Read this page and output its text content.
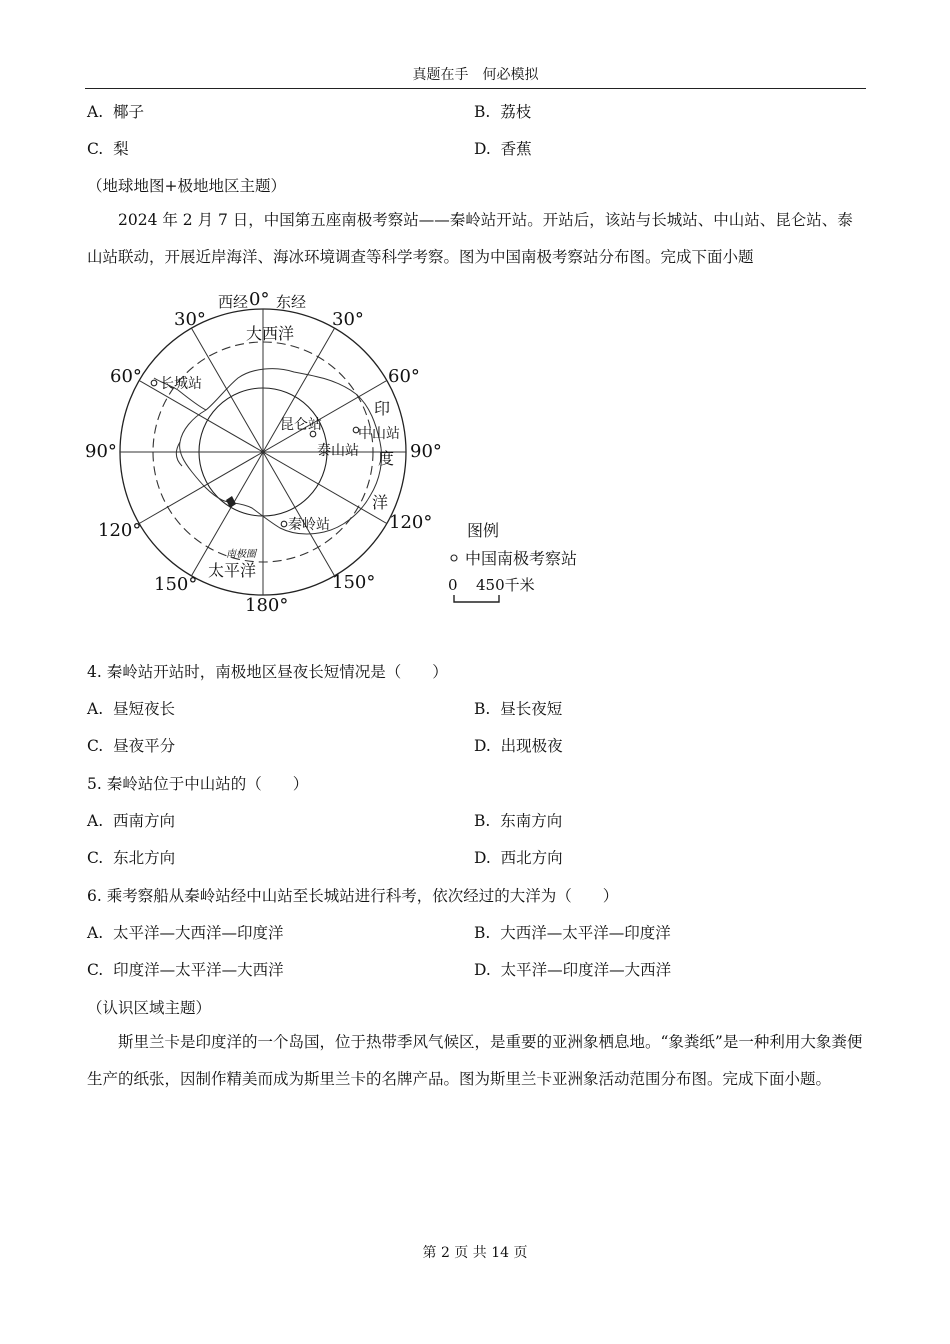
真题在手　何必模拟
A. 椰子	B. 荔枝
C. 梨	D. 香蕉
（地球地图+极地地区主题）

2024 年 2 月 7 日，中国第五座南极考察站——秦岭站开站。开站后，该站与长城站、中山站、昆仑站、泰山站联动，开展近岸海洋、海冰环境调查等科学考察。图为中国南极考察站分布图。完成下面小题

西经 0° 东经
30°	30°
60°	60°
90°	90°
120°	120°
150°	150°
180°
大西洋
太平洋
印
度
洋
南极圈
长城站
昆仑站
中山站
泰山站
秦岭站	图例
中国南极考察站
0 450千米
4. 秦岭站开站时，南极地区昼夜长短情况是（　　）
A. 昼短夜长	B. 昼长夜短
C. 昼夜平分	D. 出现极夜
5. 秦岭站位于中山站的（　　）
A. 西南方向	B. 东南方向
C. 东北方向	D. 西北方向
6. 乘考察船从秦岭站经中山站至长城站进行科考，依次经过的大洋为（　　）
A. 太平洋—大西洋—印度洋	B. 大西洋—太平洋—印度洋
C. 印度洋—太平洋—大西洋	D. 太平洋—印度洋—大西洋
（认识区域主题）

斯里兰卡是印度洋的一个岛国，位于热带季风气候区，是重要的亚洲象栖息地。“象粪纸”是一种利用大象粪便生产的纸张，因制作精美而成为斯里兰卡的名牌产品。图为斯里兰卡亚洲象活动范围分布图。完成下面小题。

第 2 页 共 14 页
